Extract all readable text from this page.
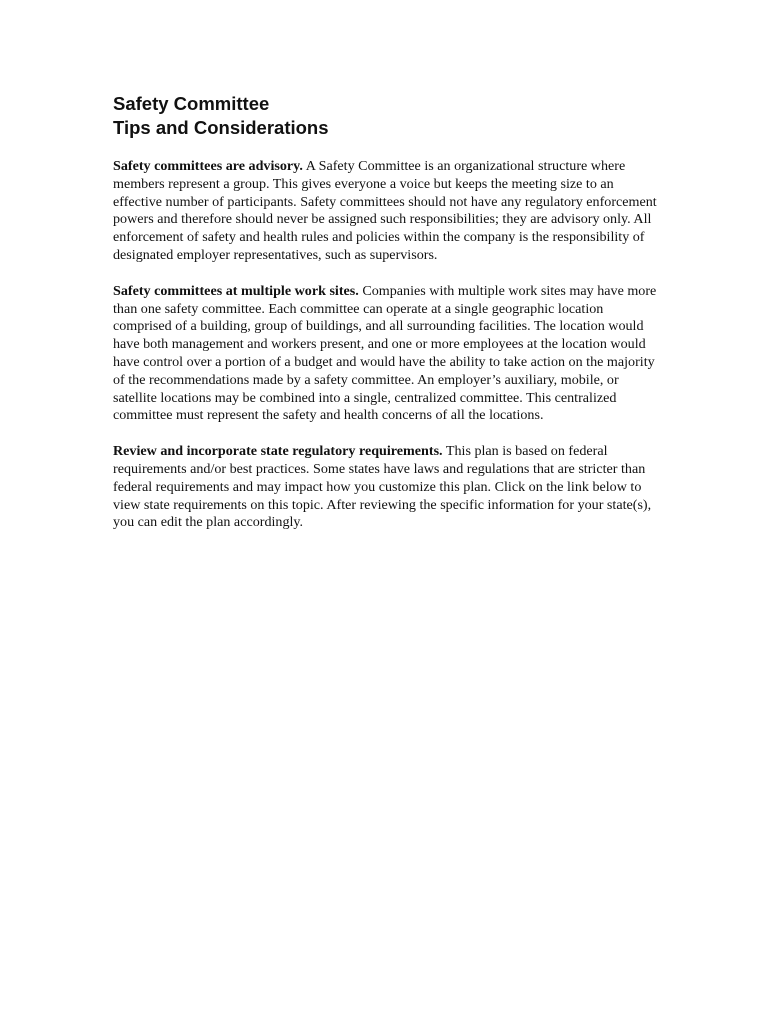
Safety Committee
Tips and Considerations

Safety committees are advisory. A Safety Committee is an organizational structure where members represent a group. This gives everyone a voice but keeps the meeting size to an effective number of participants. Safety committees should not have any regulatory enforcement powers and therefore should never be assigned such responsibilities; they are advisory only. All enforcement of safety and health rules and policies within the company is the responsibility of designated employer representatives, such as supervisors.

Safety committees at multiple work sites. Companies with multiple work sites may have more than one safety committee. Each committee can operate at a single geographic location comprised of a building, group of buildings, and all surrounding facilities. The location would have both management and workers present, and one or more employees at the location would have control over a portion of a budget and would have the ability to take action on the majority of the recommendations made by a safety committee. An employer’s auxiliary, mobile, or satellite locations may be combined into a single, centralized committee. This centralized committee must represent the safety and health concerns of all the locations.

Review and incorporate state regulatory requirements. This plan is based on federal requirements and/or best practices. Some states have laws and regulations that are stricter than federal requirements and may impact how you customize this plan. Click on the link below to view state requirements on this topic. After reviewing the specific information for your state(s), you can edit the plan accordingly.
